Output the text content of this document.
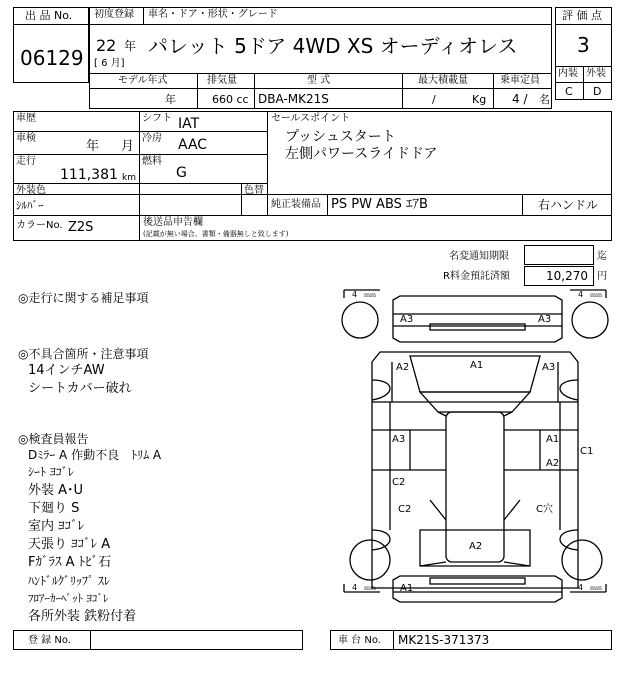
出 品 No.
06129
初度登録 車名・ドア・形状・グレード
22 年
[ 6 月]
パレット 5ドア 4WD XS オーディオレス
モデル年式	排気量	型 式	最大積載量	乗車定員
年	660 cc DBA-MK21S	/	Kg 4 / 名
評 価 点
3
内装 外装
C D
車歴
車検
年 月
走行
111,381 km
シフト IAT
冷房 AAC
燃料
G
セールスポイント
プッシュスタート
左側パワースライドドア
外装色
ｼﾙﾊﾞｰ
色替
純正装備品 PS PW ABS ｴｱB	右ハンドル
カラーNo. Z2S	後送品申告欄
(記載が無い場合、書類・備器無しと致します)
名変通知期限	迄
R料金預託済額	10,270 円
◎走行に関する補足事項
◎不具合箇所・注意事項
14インチAW
シートカバー破れ
◎検査員報告
Dﾐﾗｰ A 作動不良　ﾄﾘﾑ A
ｼｰﾄ ﾖｺﾞﾚ
外装 A･U
下廻り S
室内 ﾖｺﾞﾚ
天張り ﾖｺﾞﾚ A
Fｶﾞﾗｽ A ﾄﾋﾞ石
ﾊﾝﾄﾞﾙｸﾞﾘｯﾌﾟ ｽﾚ
ﾌﾛｱｰｶｰﾍﾟｯﾄ ﾖｺﾞﾚ
各所外装 鉄粉付着
4 ｍｍ	4 ｍｍ
4 ｍｍ	4 ｍｍ
A3	A3
A1
A2	A3
A3	A1
A2
C1
C2
C2	C穴
A2
A1
登 録 No.	車 台 No. MK21S-371373
